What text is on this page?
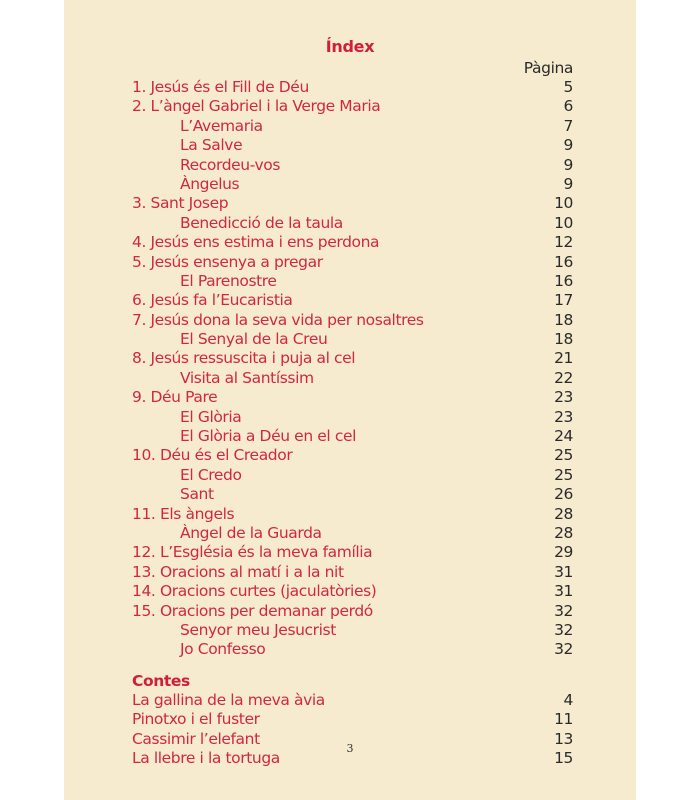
Índex
Pàgina
1. Jesús és el Fill de Déu	5
2. L’àngel Gabriel i la Verge Maria	6
L’Avemaria	7
La Salve	9
Recordeu-vos	9
Àngelus	9
3. Sant Josep	10
Benedicció de la taula	10
4. Jesús ens estima i ens perdona	12
5. Jesús ensenya a pregar	16
El Parenostre	16
6. Jesús fa l’Eucaristia	17
7. Jesús dona la seva vida per nosaltres	18
El Senyal de la Creu	18
8. Jesús ressuscita i puja al cel	21
Visita al Santíssim	22
9. Déu Pare	23
El Glòria	23
El Glòria a Déu en el cel	24
10. Déu és el Creador	25
El Credo	25
Sant	26
11. Els àngels	28
Àngel de la Guarda	28
12. L’Església és la meva família	29
13. Oracions al matí i a la nit	31
14. Oracions curtes (jaculatòries)	31
15. Oracions per demanar perdó	32
Senyor meu Jesucrist	32
Jo Confesso	32
Contes
La gallina de la meva àvia	4
Pinotxo i el fuster	11
Cassimir l’elefant	13
La llebre i la tortuga	15
3
